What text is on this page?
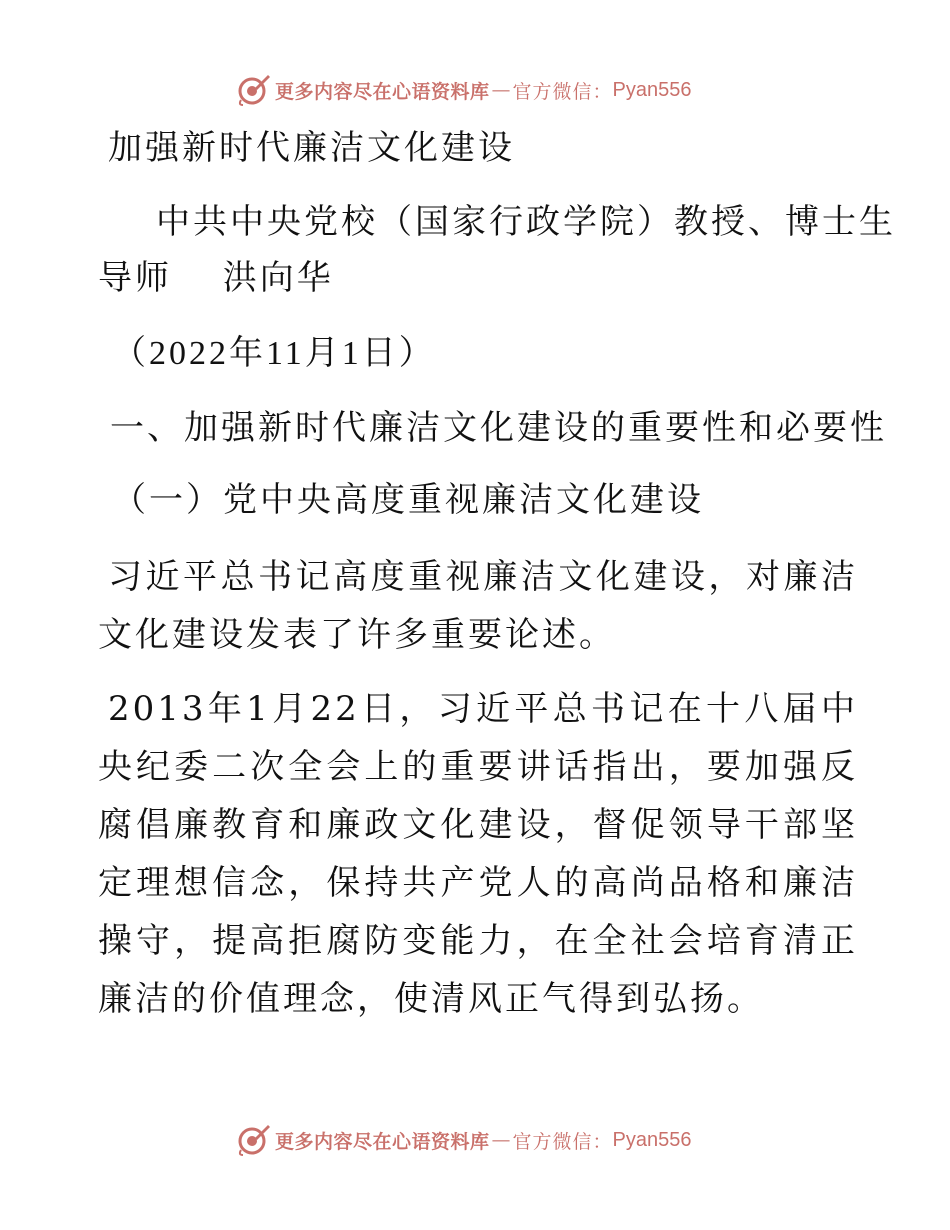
更多内容尽在心语资料库 — 官方微信： Pyan556
加强新时代廉洁文化建设
中共中央党校（国家行政学院）教授、博士生
导师　 洪向华
（2022年11月1日）
一、加强新时代廉洁文化建设的重要性和必要性
（一）党中央高度重视廉洁文化建设
习近平总书记高度重视廉洁文化建设，对廉洁文化建设发表了许多重要论述。
2013年1月22日，习近平总书记在十八届中央纪委二次全会上的重要讲话指出，要加强反腐倡廉教育和廉政文化建设，督促领导干部坚定理想信念，保持共产党人的高尚品格和廉洁操守，提高拒腐防变能力，在全社会培育清正廉洁的价值理念，使清风正气得到弘扬。
更多内容尽在心语资料库 — 官方微信： Pyan556
